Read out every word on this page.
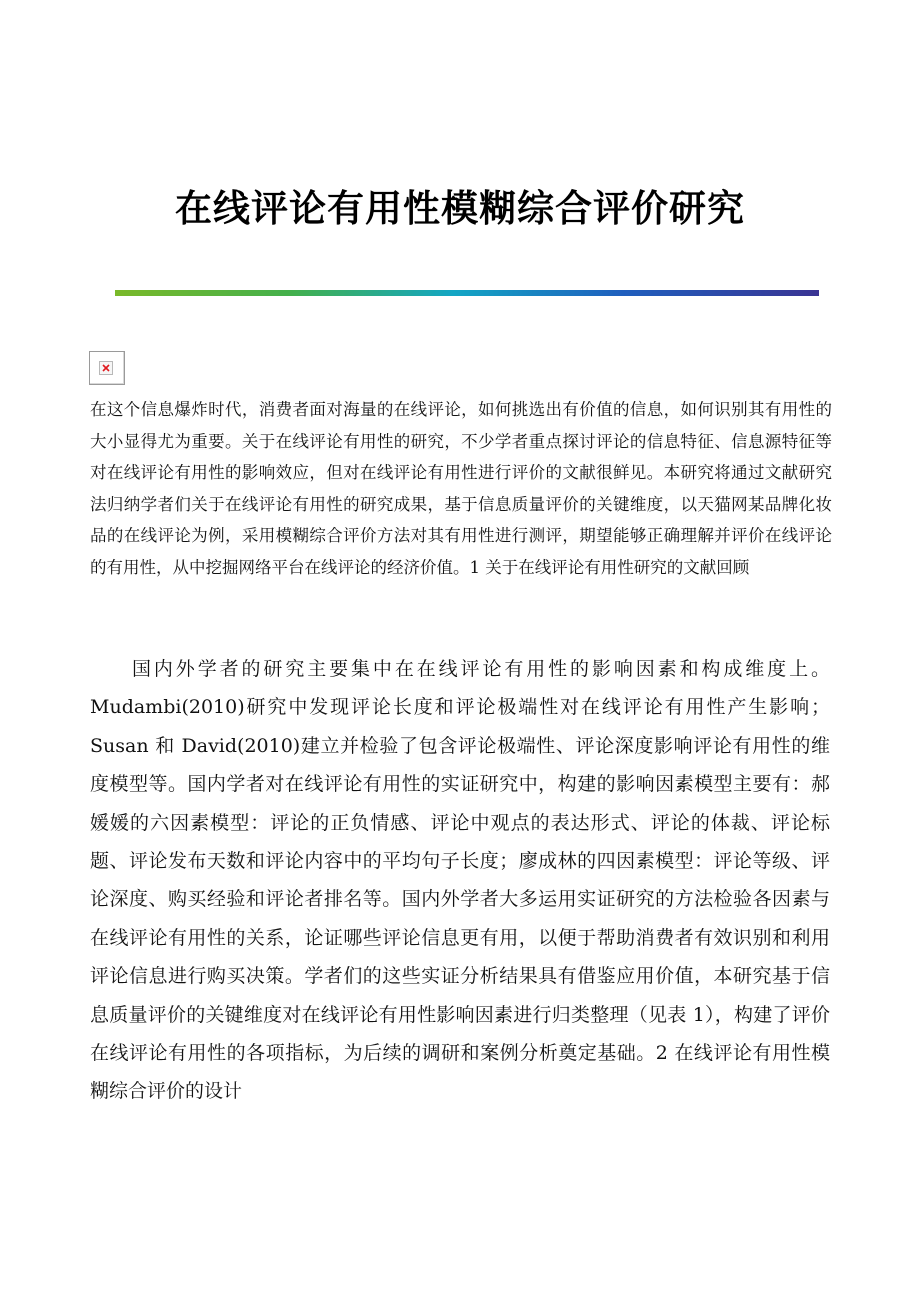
在线评论有用性模糊综合评价研究
在这个信息爆炸时代，消费者面对海量的在线评论，如何挑选出有价值的信息，如何识别其有用性的大小显得尤为重要。关于在线评论有用性的研究，不少学者重点探讨评论的信息特征、信息源特征等对在线评论有用性的影响效应，但对在线评论有用性进行评价的文献很鲜见。本研究将通过文献研究法归纳学者们关于在线评论有用性的研究成果，基于信息质量评价的关键维度，以天猫网某品牌化妆品的在线评论为例，采用模糊综合评价方法对其有用性进行测评，期望能够正确理解并评价在线评论的有用性，从中挖掘网络平台在线评论的经济价值。1 关于在线评论有用性研究的文献回顾
国内外学者的研究主要集中在在线评论有用性的影响因素和构成维度上。Mudambi(2010)研究中发现评论长度和评论极端性对在线评论有用性产生影响；Susan 和 David(2010)建立并检验了包含评论极端性、评论深度影响评论有用性的维度模型等。国内学者对在线评论有用性的实证研究中，构建的影响因素模型主要有：郝媛媛的六因素模型：评论的正负情感、评论中观点的表达形式、评论的体裁、评论标题、评论发布天数和评论内容中的平均句子长度；廖成林的四因素模型：评论等级、评论深度、购买经验和评论者排名等。国内外学者大多运用实证研究的方法检验各因素与在线评论有用性的关系，论证哪些评论信息更有用，以便于帮助消费者有效识别和利用评论信息进行购买决策。学者们的这些实证分析结果具有借鉴应用价值，本研究基于信息质量评价的关键维度对在线评论有用性影响因素进行归类整理（见表 1），构建了评价在线评论有用性的各项指标，为后续的调研和案例分析奠定基础。2 在线评论有用性模糊综合评价的设计
